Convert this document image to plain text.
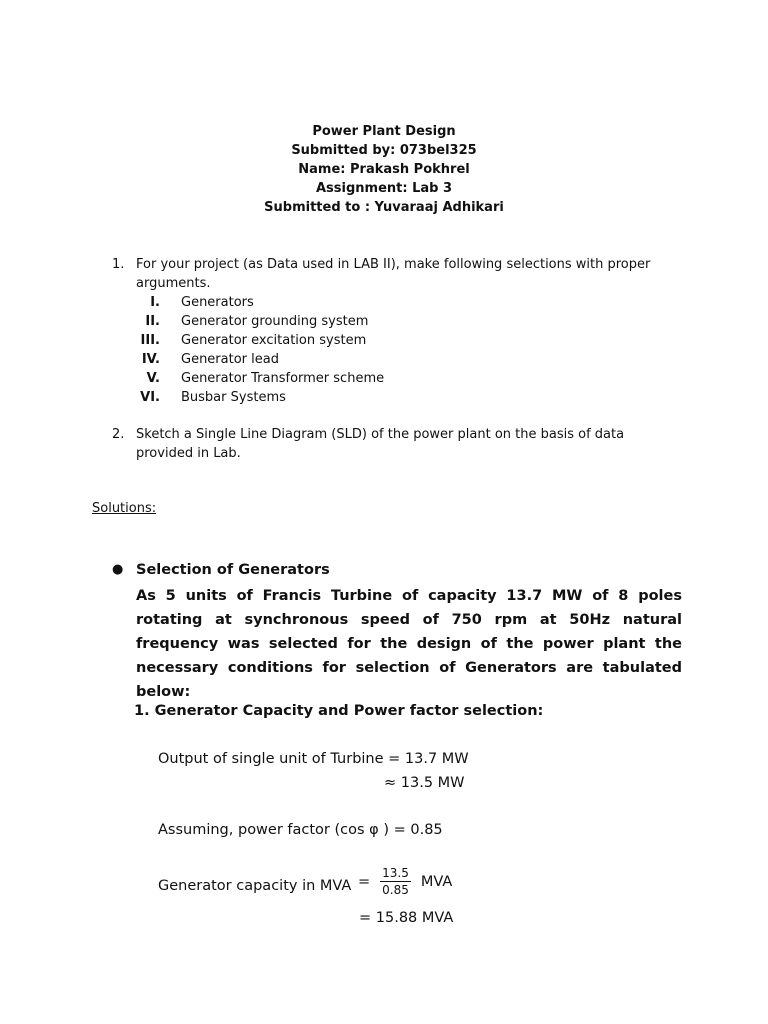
Power Plant Design
Submitted by: 073bel325
Name: Prakash Pokhrel
Assignment: Lab 3
Submitted to : Yuvaraaj Adhikari
1. For your project (as Data used in LAB II), make following selections with proper arguments.
I. Generators
II. Generator grounding system
III. Generator excitation system
IV. Generator lead
V. Generator Transformer scheme
VI. Busbar Systems
2. Sketch a Single Line Diagram (SLD) of the power plant on the basis of data provided in Lab.
Solutions:
● Selection of Generators
As 5 units of Francis Turbine of capacity 13.7 MW of 8 poles rotating at synchronous speed of 750 rpm at 50Hz natural frequency was selected for the design of the power plant the necessary conditions for selection of Generators are tabulated below:
1. Generator Capacity and Power factor selection:
Output of single unit of Turbine = 13.7 MW
≈ 13.5 MW
Assuming, power factor (cos φ ) = 0.85
Generator capacity in MVA = $\frac{13.5}{0.85}$ MVA
= 15.88 MVA
